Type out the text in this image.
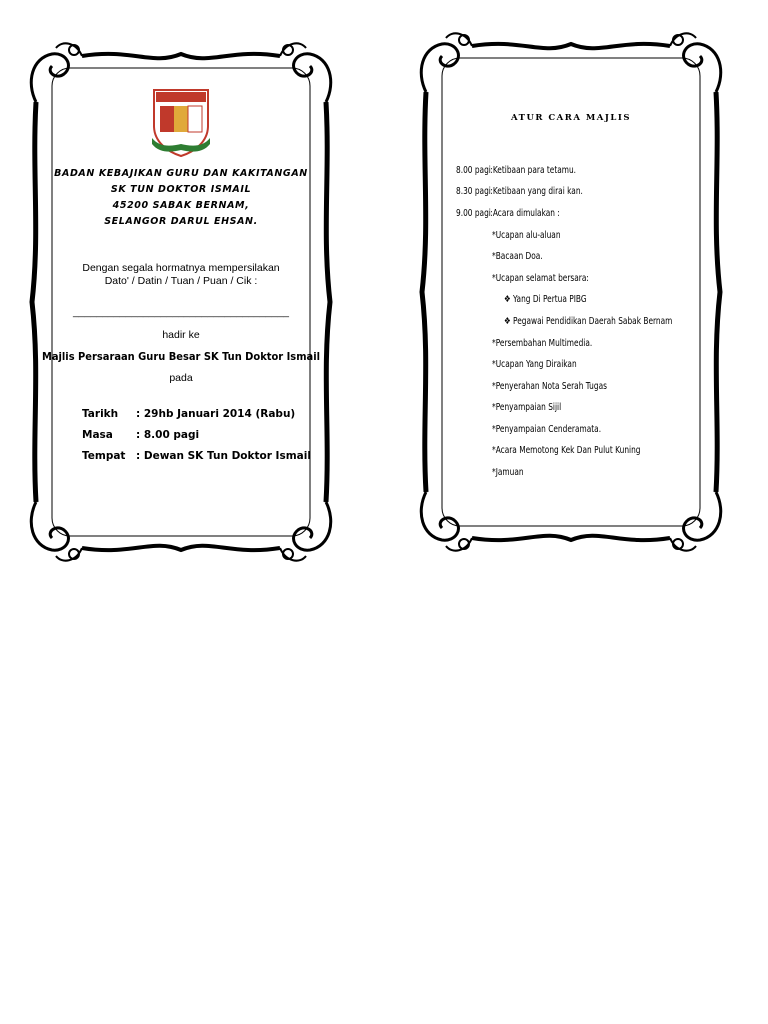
BADAN KEBAJIKAN GURU DAN KAKITANGAN
SK TUN DOKTOR ISMAIL
45200 SABAK BERNAM,
SELANGOR DARUL EHSAN.
Dengan segala hormatnya mempersilakan
Dato' / Datin / Tuan / Puan / Cik :
_____________________________________
hadir ke
Majlis Persaraan Guru Besar SK Tun Doktor Ismail
pada
Tarikh : 29hb Januari 2014 (Rabu)
Masa : 8.00 pagi
Tempat : Dewan SK Tun Doktor Ismail
ATUR CARA MAJLIS
8.00 pagi:Ketibaan para tetamu.
8.30 pagi:Ketibaan yang dirai kan.
9.00 pagi:Acara dimulakan :
*Ucapan alu-aluan
*Bacaan Doa.
*Ucapan selamat bersara:
❖ Yang Di Pertua PIBG
❖ Pegawai Pendidikan Daerah Sabak Bernam
*Persembahan Multimedia.
*Ucapan Yang Diraikan
*Penyerahan Nota Serah Tugas
*Penyampaian Sijil
*Penyampaian Cenderamata.
*Acara Memotong Kek Dan Pulut Kuning
*Jamuan
